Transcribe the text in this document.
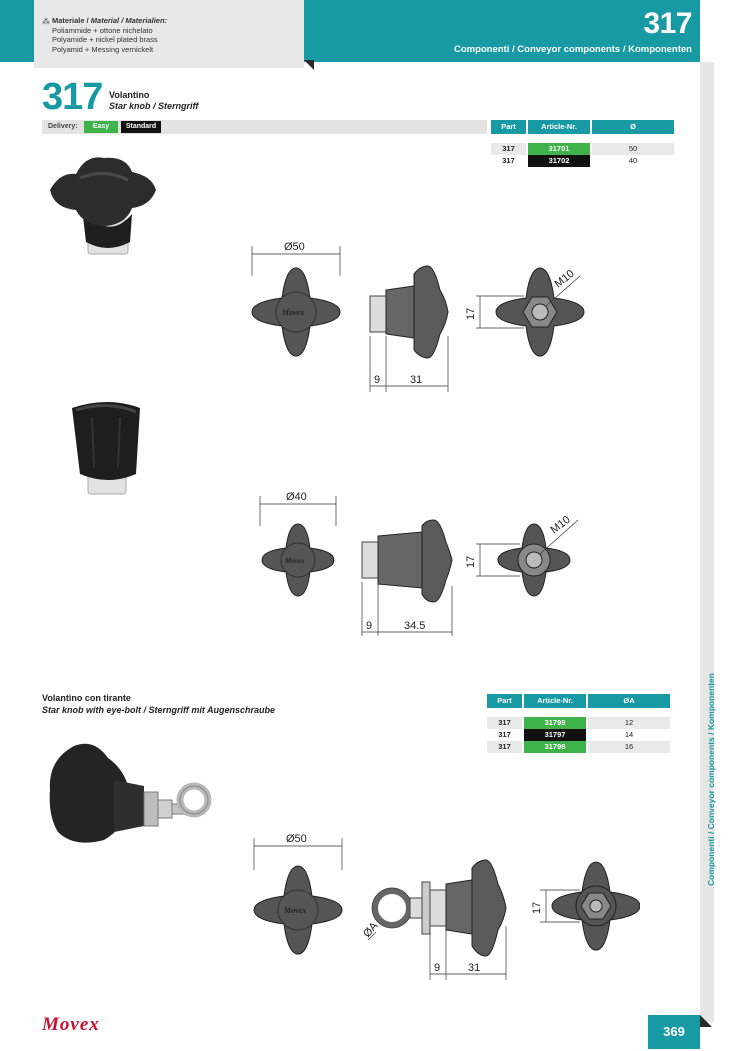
⁂ Materiale / Material / Materialien:
Poliammide + ottone nichelato
Polyamide + nickel plated brass
Polyamid + Messing vernickelt
317
Componenti / Conveyor components / Komponenten
Componenti / Conveyor components / Komponenten
317 Volantino
Star knob / Sterngriff
Delivery:	Easy	Standard	Part	Article-Nr.	Ø
317	31701	50
317	31702	40
Movex
Ø50
9	31
17
M10
Movex
Ø40
9	34.5
17
M10
Volantino con tirante
Star knob with eye-bolt / Sterngriff mit Augenschraube
Part	Article-Nr.	ØA
317	31799	12
317	31797	14
317	31798	16
Movex
Ø50
ØA
9	31
17
Movex	369
